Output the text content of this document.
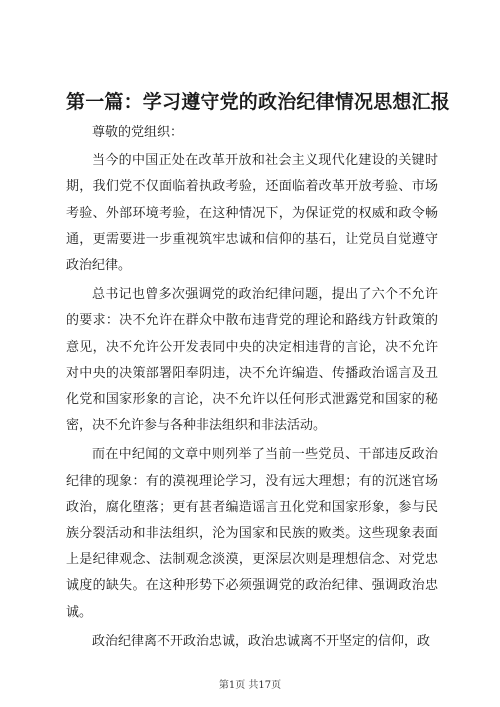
第一篇：学习遵守党的政治纪律情况思想汇报

尊敬的党组织：

当今的中国正处在改革开放和社会主义现代化建设的关键时期，我们党不仅面临着执政考验，还面临着改革开放考验、市场考验、外部环境考验，在这种情况下，为保证党的权威和政令畅通，更需要进一步重视筑牢忠诚和信仰的基石，让党员自觉遵守政治纪律。

总书记也曾多次强调党的政治纪律问题，提出了六个不允许的要求：决不允许在群众中散布违背党的理论和路线方针政策的意见，决不允许公开发表同中央的决定相违背的言论，决不允许对中央的决策部署阳奉阴违，决不允许编造、传播政治谣言及丑化党和国家形象的言论，决不允许以任何形式泄露党和国家的秘密，决不允许参与各种非法组织和非法活动。

而在中纪闻的文章中则列举了当前一些党员、干部违反政治纪律的现象：有的漠视理论学习，没有远大理想；有的沉迷官场政治，腐化堕落；更有甚者编造谣言丑化党和国家形象，参与民族分裂活动和非法组织，沦为国家和民族的败类。这些现象表面上是纪律观念、法制观念淡漠，更深层次则是理想信念、对党忠诚度的缺失。在这种形势下必须强调党的政治纪律、强调政治忠诚。

政治纪律离不开政治忠诚，政治忠诚离不开坚定的信仰，政

第1页 共17页
